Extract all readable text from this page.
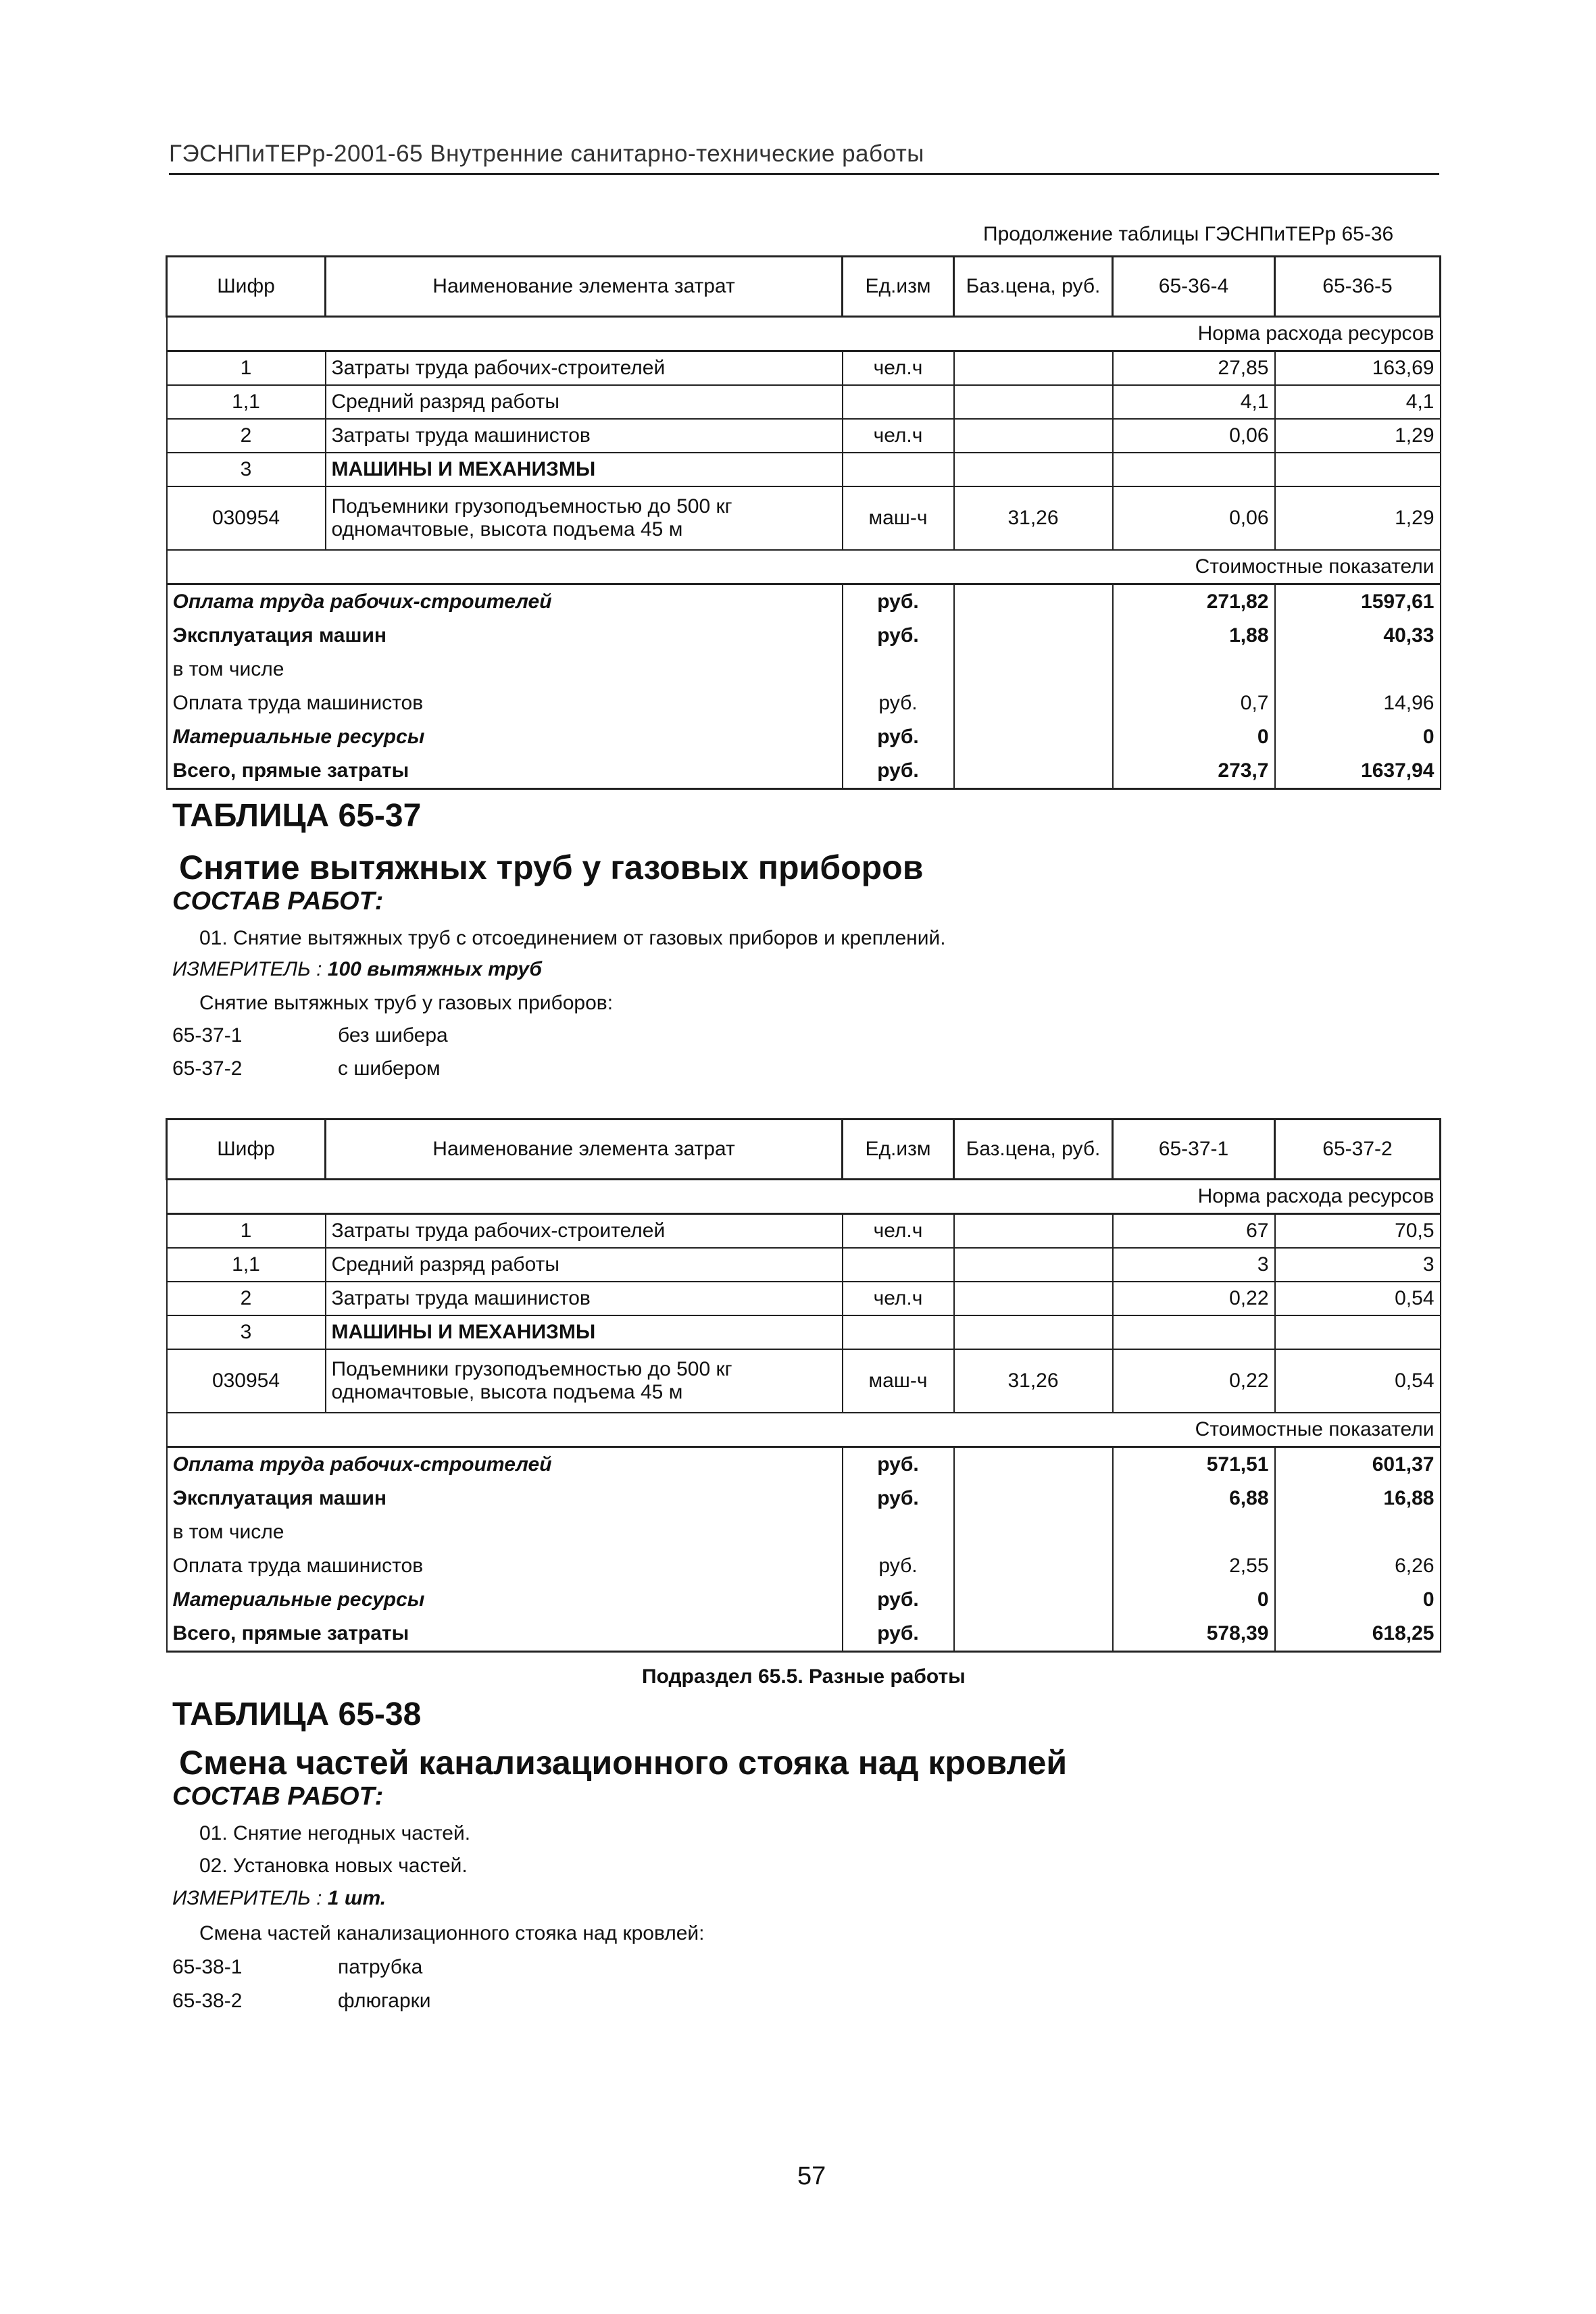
ГЭСНПиТЕРр-2001-65 Внутренние санитарно-технические работы
Продолжение таблицы ГЭСНПиТЕРр 65-36
Шифр	Наименование элемента затрат	Ед.изм	Баз.цена, руб.	65-36-4	65-36-5
Норма расхода ресурсов					
1	Затраты труда рабочих-строителей	чел.ч		27,85	163,69
1,1	Средний разряд работы			4,1	4,1
2	Затраты труда машинистов	чел.ч		0,06	1,29
3	МАШИНЫ И МЕХАНИЗМЫ				
030954	Подъемники грузоподъемностью до 500 кг одномачтовые, высота подъема 45 м	маш-ч	31,26	0,06	1,29
Стоимостные показатели					
Оплата труда рабочих-строителей		руб.		271,82	1597,61
Эксплуатация машин		руб.		1,88	40,33
в том числе					
Оплата труда машинистов		руб.		0,7	14,96
Материальные ресурсы		руб.		0	0
Всего, прямые затраты		руб.		273,7	1637,94
ТАБЛИЦА 65-37
Снятие вытяжных труб у газовых приборов
СОСТАВ РАБОТ:
01. Снятие вытяжных труб с отсоединением от газовых приборов и креплений.
ИЗМЕРИТЕЛЬ : 100 вытяжных труб
Снятие вытяжных труб у газовых приборов:
65-37-1	без шибера
65-37-2	с шибером
Шифр	Наименование элемента затрат	Ед.изм	Баз.цена, руб.	65-37-1	65-37-2
Норма расхода ресурсов					
1	Затраты труда рабочих-строителей	чел.ч		67	70,5
1,1	Средний разряд работы			3	3
2	Затраты труда машинистов	чел.ч		0,22	0,54
3	МАШИНЫ И МЕХАНИЗМЫ				
030954	Подъемники грузоподъемностью до 500 кг одномачтовые, высота подъема 45 м	маш-ч	31,26	0,22	0,54
Стоимостные показатели					
Оплата труда рабочих-строителей		руб.		571,51	601,37
Эксплуатация машин		руб.		6,88	16,88
в том числе					
Оплата труда машинистов		руб.		2,55	6,26
Материальные ресурсы		руб.		0	0
Всего, прямые затраты		руб.		578,39	618,25
Подраздел 65.5. Разные работы
ТАБЛИЦА 65-38
Смена частей канализационного стояка над кровлей
СОСТАВ РАБОТ:
01. Снятие негодных частей.
02. Установка новых частей.
ИЗМЕРИТЕЛЬ : 1 шт.
Смена частей канализационного стояка над кровлей:
65-38-1	патрубка
65-38-2	флюгарки
57
